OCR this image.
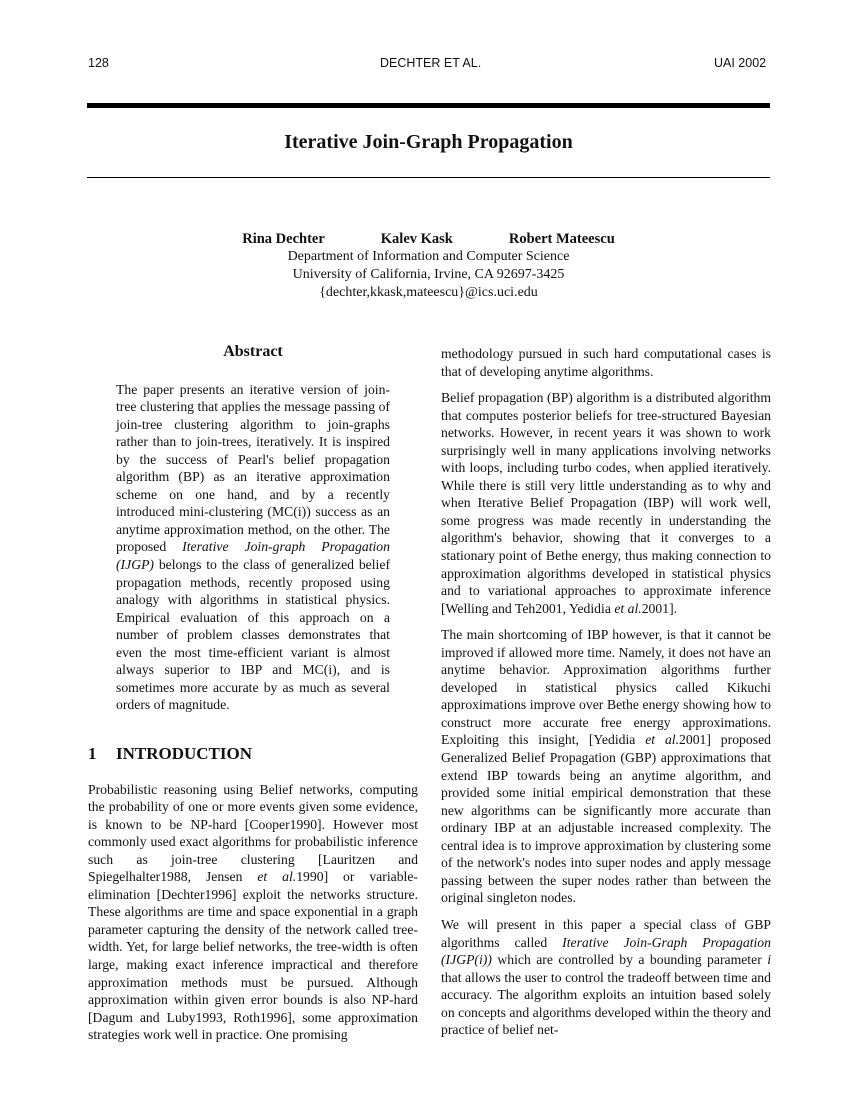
128	DECHTER ET AL.	UAI 2002
Iterative Join-Graph Propagation
Rina Dechter	Kalev Kask	Robert Mateescu
Department of Information and Computer Science
University of California, Irvine, CA 92697-3425
{dechter,kkask,mateescu}@ics.uci.edu
Abstract

The paper presents an iterative version of join-tree clustering that applies the message passing of join-tree clustering algorithm to join-graphs rather than to join-trees, iteratively. It is inspired by the success of Pearl's belief propagation algorithm (BP) as an iterative approximation scheme on one hand, and by a recently introduced mini-clustering (MC(i)) success as an anytime approximation method, on the other. The proposed Iterative Join-graph Propagation (IJGP) belongs to the class of generalized belief propagation methods, recently proposed using analogy with algorithms in statistical physics. Empirical evaluation of this approach on a number of problem classes demonstrates that even the most time-efficient variant is almost always superior to IBP and MC(i), and is sometimes more accurate by as much as several orders of magnitude.

1 INTRODUCTION

Probabilistic reasoning using Belief networks, computing the probability of one or more events given some evidence, is known to be NP-hard [Cooper1990]. However most commonly used exact algorithms for probabilistic inference such as join-tree clustering [Lauritzen and Spiegelhalter1988, Jensen et al.1990] or variable-elimination [Dechter1996] exploit the networks structure. These algorithms are time and space exponential in a graph parameter capturing the density of the network called tree-width. Yet, for large belief networks, the tree-width is often large, making exact inference impractical and therefore approximation methods must be pursued. Although approximation within given error bounds is also NP-hard [Dagum and Luby1993, Roth1996], some approximation strategies work well in practice. One promising

methodology pursued in such hard computational cases is that of developing anytime algorithms.

Belief propagation (BP) algorithm is a distributed algorithm that computes posterior beliefs for tree-structured Bayesian networks. However, in recent years it was shown to work surprisingly well in many applications involving networks with loops, including turbo codes, when applied iteratively. While there is still very little understanding as to why and when Iterative Belief Propagation (IBP) will work well, some progress was made recently in understanding the algorithm's behavior, showing that it converges to a stationary point of Bethe energy, thus making connection to approximation algorithms developed in statistical physics and to variational approaches to approximate inference [Welling and Teh2001, Yedidia et al.2001].

The main shortcoming of IBP however, is that it cannot be improved if allowed more time. Namely, it does not have an anytime behavior. Approximation algorithms further developed in statistical physics called Kikuchi approximations improve over Bethe energy showing how to construct more accurate free energy approximations. Exploiting this insight, [Yedidia et al.2001] proposed Generalized Belief Propagation (GBP) approximations that extend IBP towards being an anytime algorithm, and provided some initial empirical demonstration that these new algorithms can be significantly more accurate than ordinary IBP at an adjustable increased complexity. The central idea is to improve approximation by clustering some of the network's nodes into super nodes and apply message passing between the super nodes rather than between the original singleton nodes.

We will present in this paper a special class of GBP algorithms called Iterative Join-Graph Propagation (IJGP(i)) which are controlled by a bounding parameter i that allows the user to control the tradeoff between time and accuracy. The algorithm exploits an intuition based solely on concepts and algorithms developed within the theory and practice of belief net-
